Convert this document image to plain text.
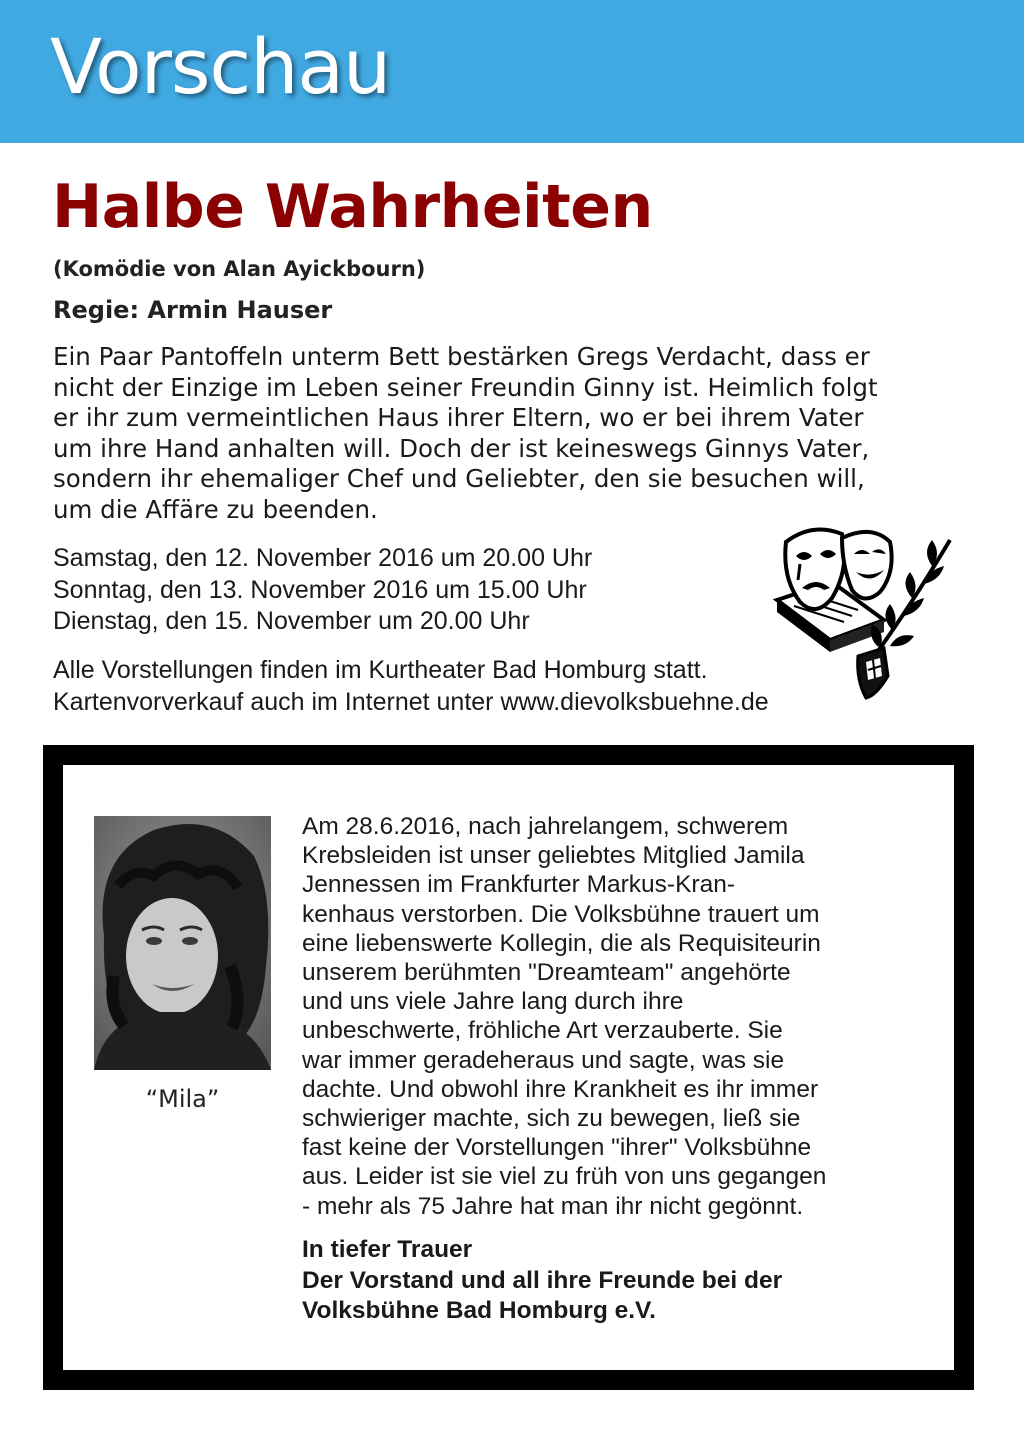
Vorschau
Halbe Wahrheiten
(Komödie von Alan Ayickbourn)
Regie: Armin Hauser
Ein Paar Pantoffeln unterm Bett bestärken Gregs Verdacht, dass er
nicht der Einzige im Leben seiner Freundin Ginny ist. Heimlich folgt
er ihr zum vermeintlichen Haus ihrer Eltern, wo er bei ihrem Vater
um ihre Hand anhalten will. Doch der ist keineswegs Ginnys Vater,
sondern ihr ehemaliger Chef und Geliebter, den sie besuchen will,
um die Affäre zu beenden.
Samstag, den 12. November 2016 um 20.00 Uhr
Sonntag, den 13. November 2016 um 15.00 Uhr
Dienstag, den 15. November um 20.00 Uhr
Alle Vorstellungen finden im Kurtheater Bad Homburg statt.
Kartenvorverkauf auch im Internet unter www.dievolksbuehne.de
“Mila”
Am 28.6.2016, nach jahrelangem, schwerem
Krebsleiden ist unser geliebtes Mitglied Jamila
Jennessen im Frankfurter Markus-Kran-
kenhaus verstorben. Die Volksbühne trauert um
eine liebenswerte Kollegin, die als Requisiteurin
unserem berühmten "Dreamteam" angehörte
und uns viele Jahre lang durch ihre
unbeschwerte, fröhliche Art verzauberte. Sie
war immer geradeheraus und sagte, was sie
dachte. Und obwohl ihre Krankheit es ihr immer
schwieriger machte, sich zu bewegen, ließ sie
fast keine der Vorstellungen "ihrer" Volksbühne
aus. Leider ist sie viel zu früh von uns gegangen
- mehr als 75 Jahre hat man ihr nicht gegönnt.
In tiefer Trauer
Der Vorstand und all ihre Freunde bei der
Volksbühne Bad Homburg e.V.
